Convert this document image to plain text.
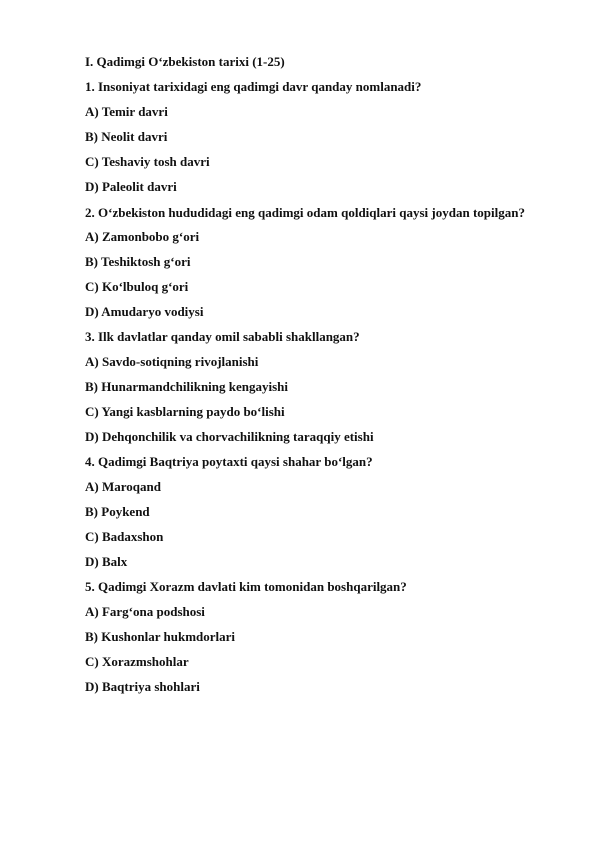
I. Qadimgi O‘zbekiston tarixi (1-25)
1. Insoniyat tarixidagi eng qadimgi davr qanday nomlanadi?
A) Temir davri
B) Neolit davri
C) Teshaviy tosh davri
D) Paleolit davri
2. O‘zbekiston hududidagi eng qadimgi odam qoldiqlari qaysi joydan topilgan?
A) Zamonbobo g‘ori
B) Teshiktosh g‘ori
C) Ko‘lbuloq g‘ori
D) Amudaryo vodiysi
3. Ilk davlatlar qanday omil sababli shakllangan?
A) Savdo-sotiqning rivojlanishi
B) Hunarmandchilikning kengayishi
C) Yangi kasblarning paydo bo‘lishi
D) Dehqonchilik va chorvachilikning taraqqiy etishi
4. Qadimgi Baqtriya poytaxti qaysi shahar bo‘lgan?
A) Maroqand
B) Poykend
C) Badaxshon
D) Balx
5. Qadimgi Xorazm davlati kim tomonidan boshqarilgan?
A) Farg‘ona podshosi
B) Kushonlar hukmdorlari
C) Xorazmshohlar
D) Baqtriya shohlari
